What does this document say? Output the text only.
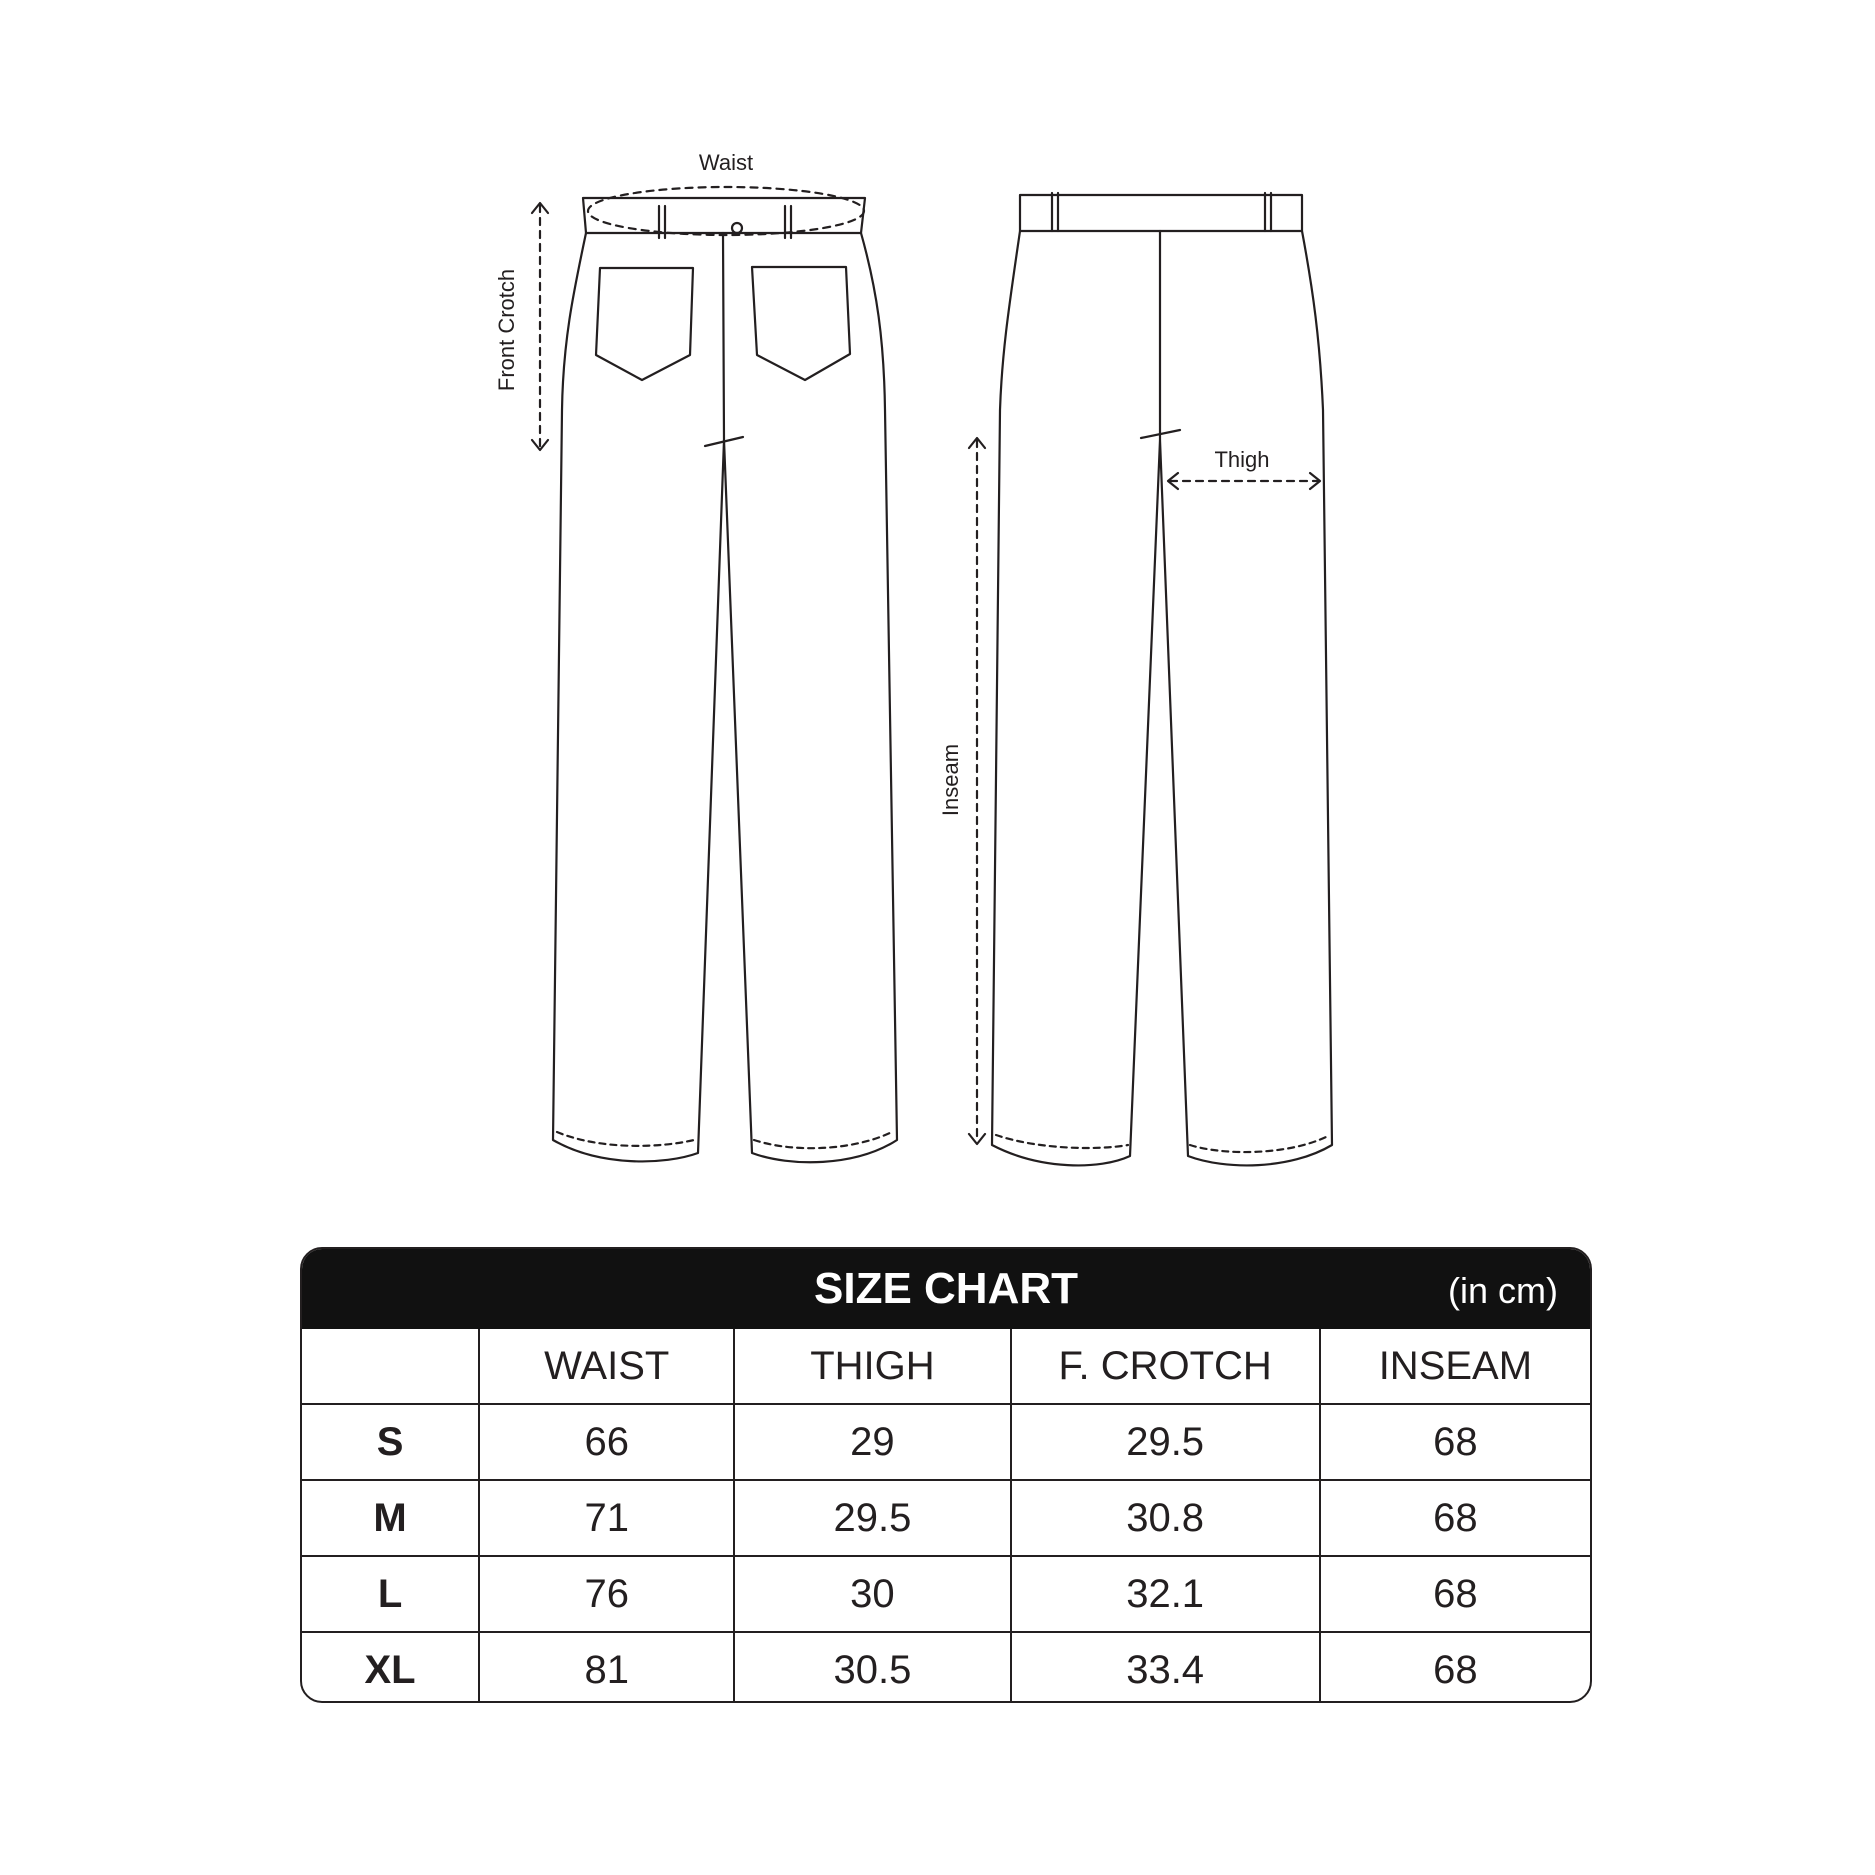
Waist
Front Crotch
Thigh
Inseam
SIZE CHART	(in cm)
	WAIST	THIGH	F. CROTCH	INSEAM
S	66	29	29.5	68
M	71	29.5	30.8	68
L	76	30	32.1	68
XL	81	30.5	33.4	68
